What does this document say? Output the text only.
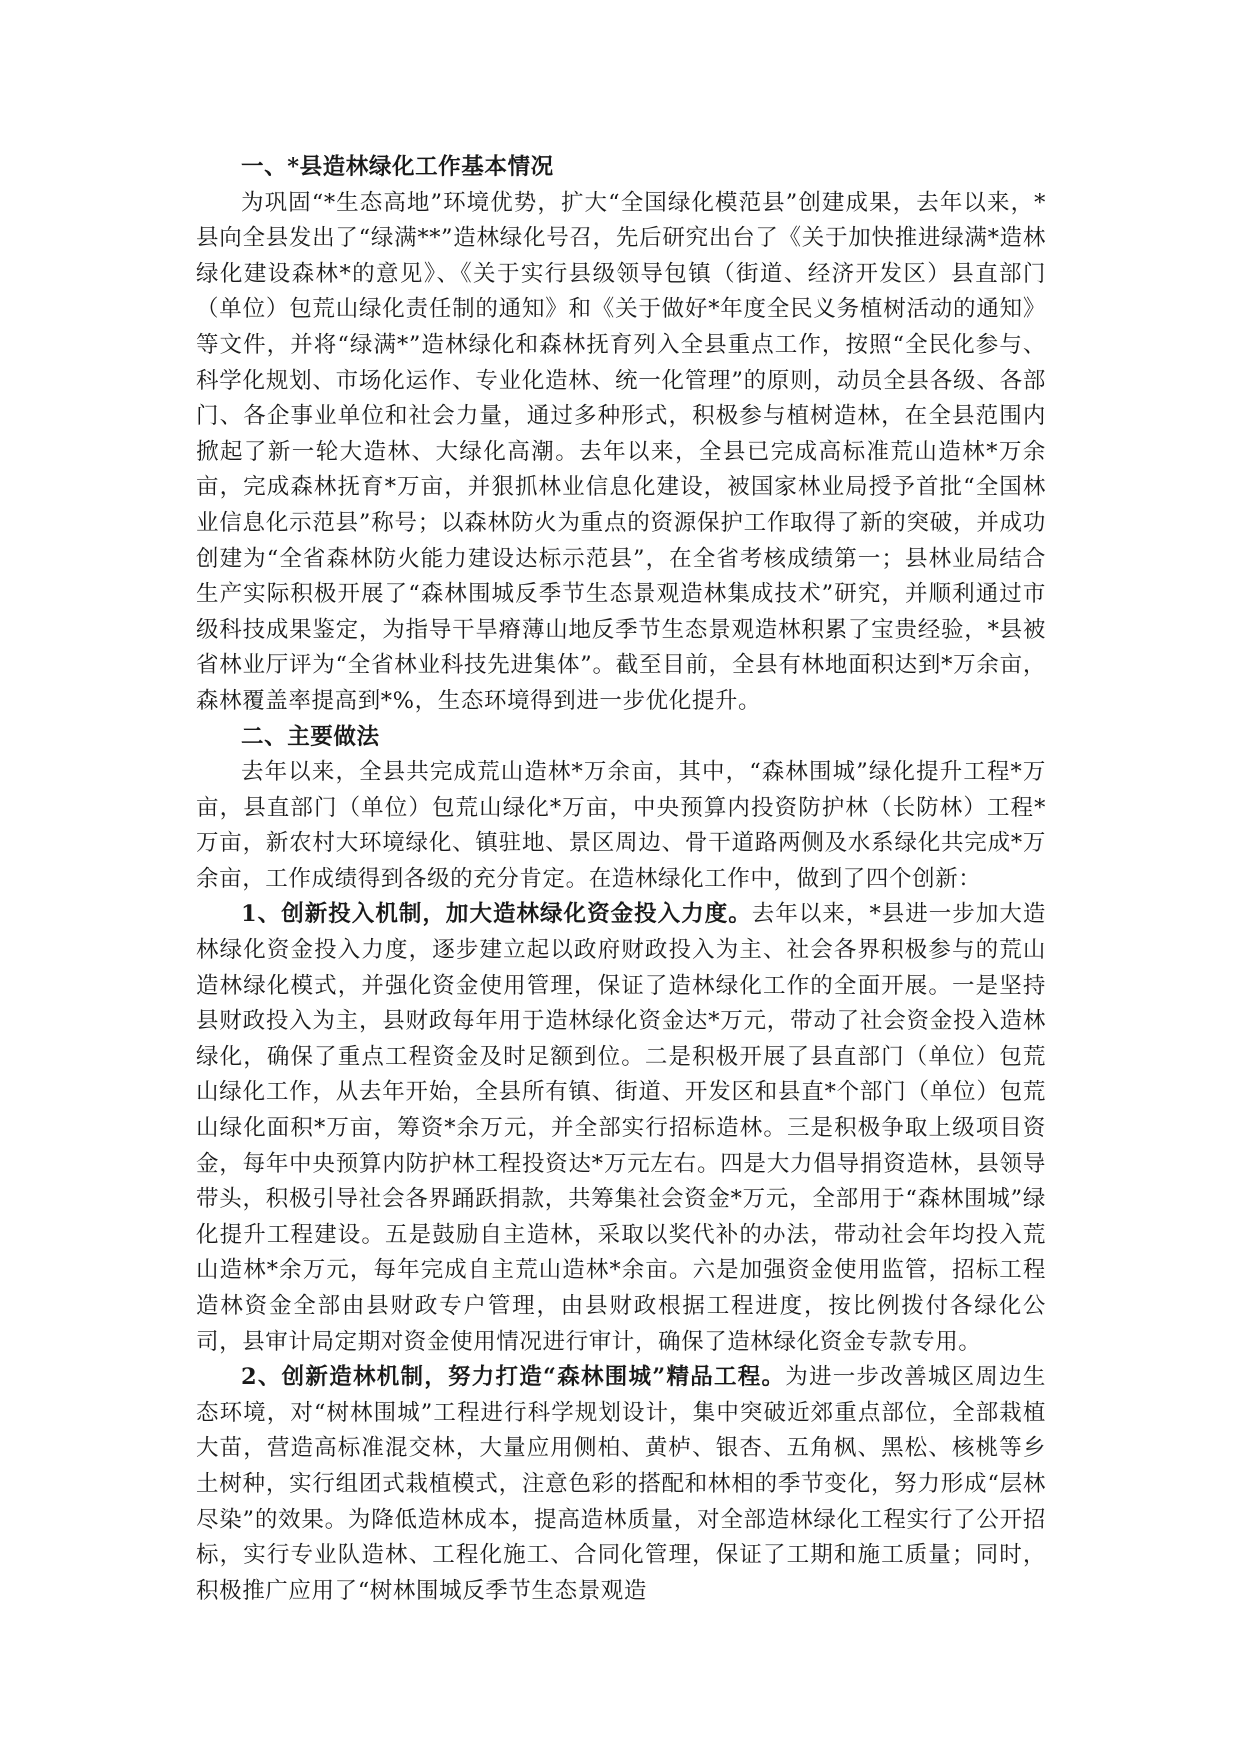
一、*县造林绿化工作基本情况

为巩固“*生态高地”环境优势，扩大“全国绿化模范县”创建成果，去年以来，*县向全县发出了“绿满**”造林绿化号召，先后研究出台了《关于加快推进绿满*造林绿化建设森林*的意见》、《关于实行县级领导包镇（街道、经济开发区）县直部门（单位）包荒山绿化责任制的通知》和《关于做好*年度全民义务植树活动的通知》等文件，并将“绿满*”造林绿化和森林抚育列入全县重点工作，按照“全民化参与、科学化规划、市场化运作、专业化造林、统一化管理”的原则，动员全县各级、各部门、各企事业单位和社会力量，通过多种形式，积极参与植树造林，在全县范围内掀起了新一轮大造林、大绿化高潮。去年以来，全县已完成高标准荒山造林*万余亩，完成森林抚育*万亩，并狠抓林业信息化建设，被国家林业局授予首批“全国林业信息化示范县”称号；以森林防火为重点的资源保护工作取得了新的突破，并成功创建为“全省森林防火能力建设达标示范县”，在全省考核成绩第一；县林业局结合生产实际积极开展了“森林围城反季节生态景观造林集成技术”研究，并顺利通过市级科技成果鉴定，为指导干旱瘠薄山地反季节生态景观造林积累了宝贵经验，*县被省林业厅评为“全省林业科技先进集体”。截至目前，全县有林地面积达到*万余亩，森林覆盖率提高到*%，生态环境得到进一步优化提升。

二、主要做法

去年以来，全县共完成荒山造林*万余亩，其中，“森林围城”绿化提升工程*万亩，县直部门（单位）包荒山绿化*万亩，中央预算内投资防护林（长防林）工程*万亩，新农村大环境绿化、镇驻地、景区周边、骨干道路两侧及水系绿化共完成*万余亩，工作成绩得到各级的充分肯定。在造林绿化工作中，做到了四个创新：

1、创新投入机制，加大造林绿化资金投入力度。去年以来，*县进一步加大造林绿化资金投入力度，逐步建立起以政府财政投入为主、社会各界积极参与的荒山造林绿化模式，并强化资金使用管理，保证了造林绿化工作的全面开展。一是坚持县财政投入为主，县财政每年用于造林绿化资金达*万元，带动了社会资金投入造林绿化，确保了重点工程资金及时足额到位。二是积极开展了县直部门（单位）包荒山绿化工作，从去年开始，全县所有镇、街道、开发区和县直*个部门（单位）包荒山绿化面积*万亩，筹资*余万元，并全部实行招标造林。三是积极争取上级项目资金，每年中央预算内防护林工程投资达*万元左右。四是大力倡导捐资造林，县领导带头，积极引导社会各界踊跃捐款，共筹集社会资金*万元，全部用于“森林围城”绿化提升工程建设。五是鼓励自主造林，采取以奖代补的办法，带动社会年均投入荒山造林*余万元，每年完成自主荒山造林*余亩。六是加强资金使用监管，招标工程造林资金全部由县财政专户管理，由县财政根据工程进度，按比例拨付各绿化公司，县审计局定期对资金使用情况进行审计，确保了造林绿化资金专款专用。

2、创新造林机制，努力打造“森林围城”精品工程。为进一步改善城区周边生态环境，对“树林围城”工程进行科学规划设计，集中突破近郊重点部位，全部栽植大苗，营造高标准混交林，大量应用侧柏、黄栌、银杏、五角枫、黑松、核桃等乡土树种，实行组团式栽植模式，注意色彩的搭配和林相的季节变化，努力形成“层林尽染”的效果。为降低造林成本，提高造林质量，对全部造林绿化工程实行了公开招标，实行专业队造林、工程化施工、合同化管理，保证了工期和施工质量；同时，积极推广应用了“树林围城反季节生态景观造
